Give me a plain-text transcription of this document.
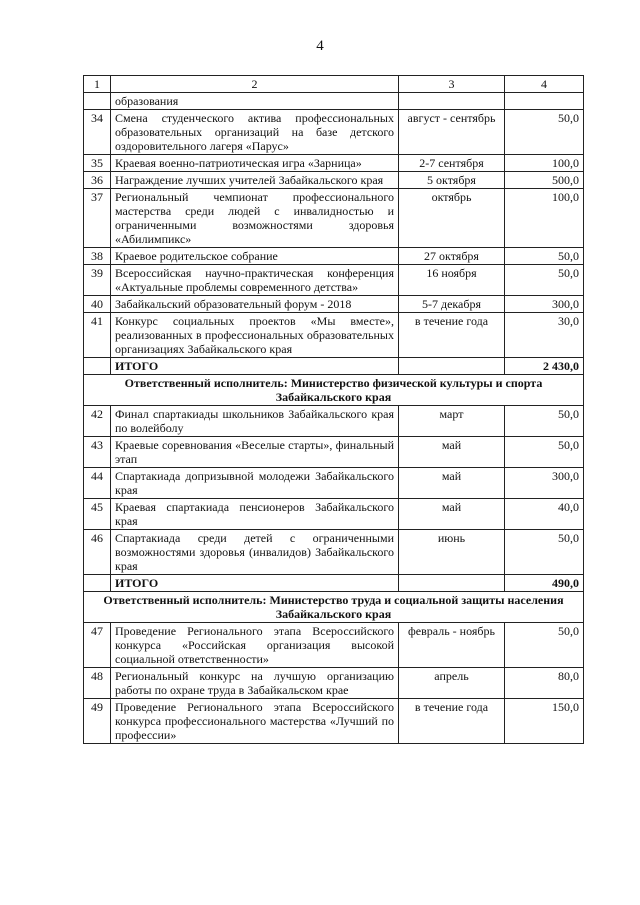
4
1	2	3	4
	образования		
34	Смена студенческого актива профессиональных образовательных организаций на базе детского оздоровительного лагеря «Парус»	август - сентябрь	50,0
35	Краевая военно-патриотическая игра «Зарница»	2-7 сентября	100,0
36	Награждение лучших учителей Забайкальского края	5 октября	500,0
37	Региональный чемпионат профессионального мастерства среди людей с инвалидностью и ограниченными возможностями здоровья «Абилимпикс»	октябрь	100,0
38	Краевое родительское собрание	27 октября	50,0
39	Всероссийская научно-практическая конференция «Актуальные проблемы современного детства»	16 ноября	50,0
40	Забайкальский образовательный форум - 2018	5-7 декабря	300,0
41	Конкурс социальных проектов «Мы вместе», реализованных в профессиональных образовательных организациях Забайкальского края	в течение года	30,0
	ИТОГО		2 430,0
Ответственный исполнитель: Министерство физической культуры и спорта Забайкальского края			
42	Финал спартакиады школьников Забайкальского края по волейболу	март	50,0
43	Краевые соревнования «Веселые старты», финальный этап	май	50,0
44	Спартакиада допризывной молодежи Забайкальского края	май	300,0
45	Краевая спартакиада пенсионеров Забайкальского края	май	40,0
46	Спартакиада среди детей с ограниченными возможностями здоровья (инвалидов) Забайкальского края	июнь	50,0
	ИТОГО		490,0
Ответственный исполнитель: Министерство труда и социальной защиты населения Забайкальского края			
47	Проведение Регионального этапа Всероссийского конкурса «Российская организация высокой социальной ответственности»	февраль - ноябрь	50,0
48	Региональный конкурс на лучшую организацию работы по охране труда в Забайкальском крае	апрель	80,0
49	Проведение Регионального этапа Всероссийского конкурса профессионального мастерства «Лучший по профессии»	в течение года	150,0
